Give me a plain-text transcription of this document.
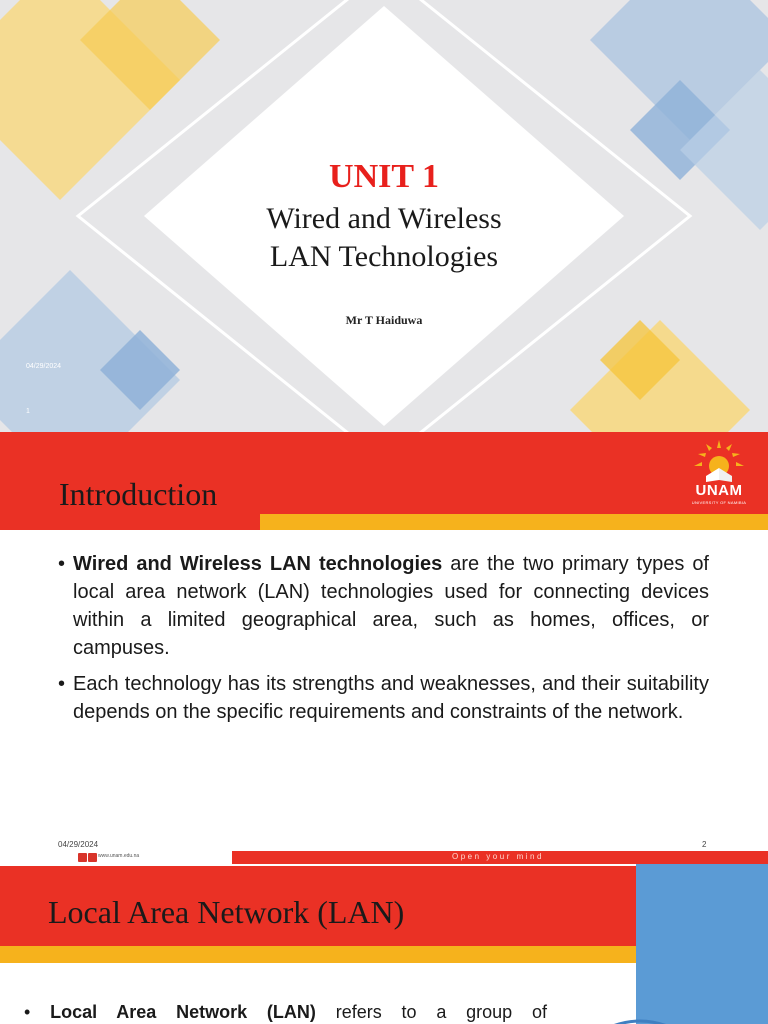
UNIT 1
Wired and Wireless
LAN Technologies
Mr T Haiduwa
04/29/2024
1
Introduction	UNAM
UNIVERSITY OF NAMIBIA
• Wired and Wireless LAN technologies are the two primary types of local area network (LAN) technologies used for connecting devices within a limited geographical area, such as homes, offices, or campuses.
• Each technology has its strengths and weaknesses, and their suitability depends on the specific requirements and constraints of the network.
04/29/2024	2
www.unam.edu.na	Open your mind
Local Area Network (LAN)
• Local Area Network (LAN) refers to a group of
